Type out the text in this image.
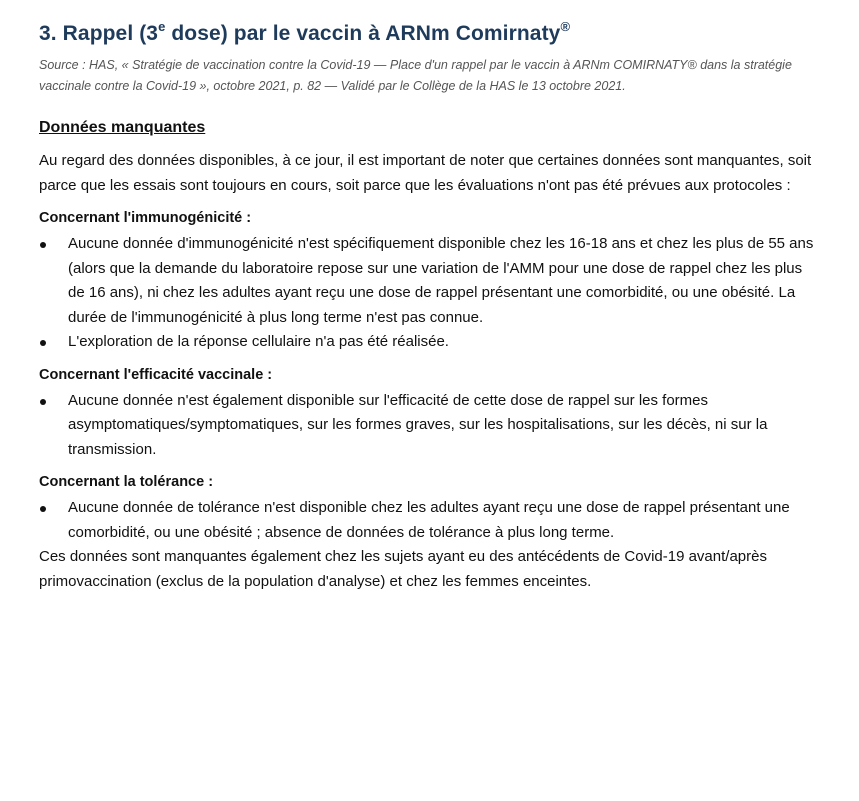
3. Rappel (3e dose) par le vaccin à ARNm Comirnaty®
Source : HAS, « Stratégie de vaccination contre la Covid-19 — Place d'un rappel par le vaccin à ARNm COMIRNATY® dans la stratégie vaccinale contre la Covid-19 », octobre 2021, p. 82 — Validé par le Collège de la HAS le 13 octobre 2021.
Données manquantes

Au regard des données disponibles, à ce jour, il est important de noter que certaines données sont manquantes, soit parce que les essais sont toujours en cours, soit parce que les évaluations n'ont pas été prévues aux protocoles :

Concernant l'immunogénicité :
Aucune donnée d'immunogénicité n'est spécifiquement disponible chez les 16-18 ans et chez les plus de 55 ans (alors que la demande du laboratoire repose sur une variation de l'AMM pour une dose de rappel chez les plus de 16 ans), ni chez les adultes ayant reçu une dose de rappel présentant une comorbidité, ou une obésité. La durée de l'immunogénicité à plus long terme n'est pas connue.
L'exploration de la réponse cellulaire n'a pas été réalisée.
Concernant l'efficacité vaccinale :
Aucune donnée n'est également disponible sur l'efficacité de cette dose de rappel sur les formes asymptomatiques/symptomatiques, sur les formes graves, sur les hospitalisations, sur les décès, ni sur la transmission.
Concernant la tolérance :
Aucune donnée de tolérance n'est disponible chez les adultes ayant reçu une dose de rappel présentant une comorbidité, ou une obésité ; absence de données de tolérance à plus long terme.

Ces données sont manquantes également chez les sujets ayant eu des antécédents de Covid-19 avant/après primovaccination (exclus de la population d'analyse) et chez les femmes enceintes.
